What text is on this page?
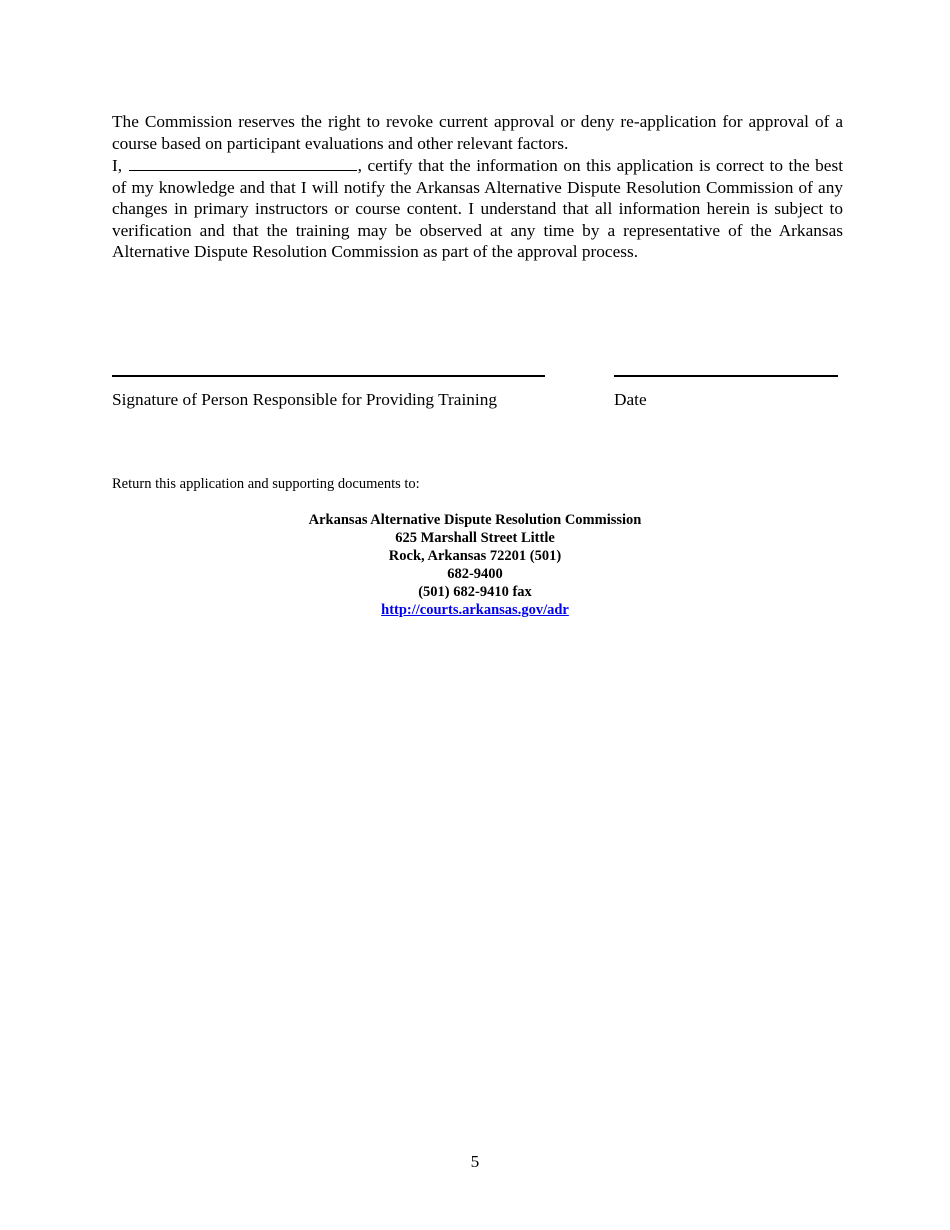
The Commission reserves the right to revoke current approval or deny re-application for approval of a course based on participant evaluations and other relevant factors.

I,	, certify that the information on this application is correct to the best of my knowledge and that I will notify the Arkansas Alternative Dispute Resolution Commission of any changes in primary instructors or course content. I understand that all information herein is subject to verification and that the training may be observed at any time by a representative of the Arkansas Alternative Dispute Resolution Commission as part of the approval process.

Signature of Person Responsible for Providing Training	Date
Return this application and supporting documents to:
Arkansas Alternative Dispute Resolution Commission
625 Marshall Street Little
Rock, Arkansas 72201 (501)
682-9400
(501) 682-9410 fax
http://courts.arkansas.gov/adr
5
